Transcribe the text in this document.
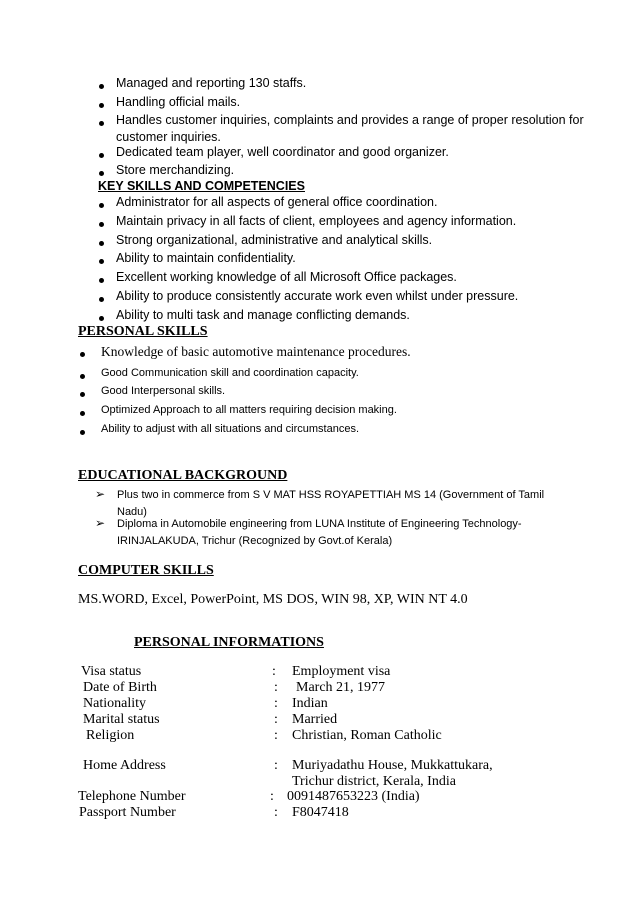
Managed and reporting 130 staffs.
Handling official mails.
Handles customer inquiries, complaints and provides a range of proper resolution for
customer inquiries.
Dedicated team player, well coordinator and good organizer.
Store merchandizing.
KEY SKILLS AND COMPETENCIES
Administrator for all aspects of general office coordination.
Maintain privacy in all facts of client, employees and agency information.
Strong organizational, administrative and analytical skills.
Ability to maintain confidentiality.
Excellent working knowledge of all Microsoft Office packages.
Ability to produce consistently accurate work even whilst under pressure.
Ability to multi task and manage conflicting demands.
PERSONAL SKILLS
Knowledge of basic automotive maintenance procedures.
Good Communication skill and coordination capacity.
Good Interpersonal skills.
Optimized Approach to all matters requiring decision making.
Ability to adjust with all situations and circumstances.
EDUCATIONAL BACKGROUND
➢ Plus two in commerce from S V MAT HSS ROYAPETTIAH MS 14 (Government of Tamil
Nadu)
➢ Diploma in Automobile engineering from LUNA Institute of Engineering Technology-
IRINJALAKUDA, Trichur (Recognized by Govt.of Kerala)
COMPUTER SKILLS
MS.WORD, Excel, PowerPoint, MS DOS, WIN 98, XP, WIN NT 4.0
PERSONAL INFORMATIONS
Visa status	: Employment visa
Date of Birth	: March 21, 1977
Nationality	: Indian
Marital status	: Married
Religion	: Christian, Roman Catholic
Home Address	: Muriyadathu House, Mukkattukara,
Trichur district, Kerala, India
Telephone Number	: 0091487653223 (India)
Passport Number	: F8047418
